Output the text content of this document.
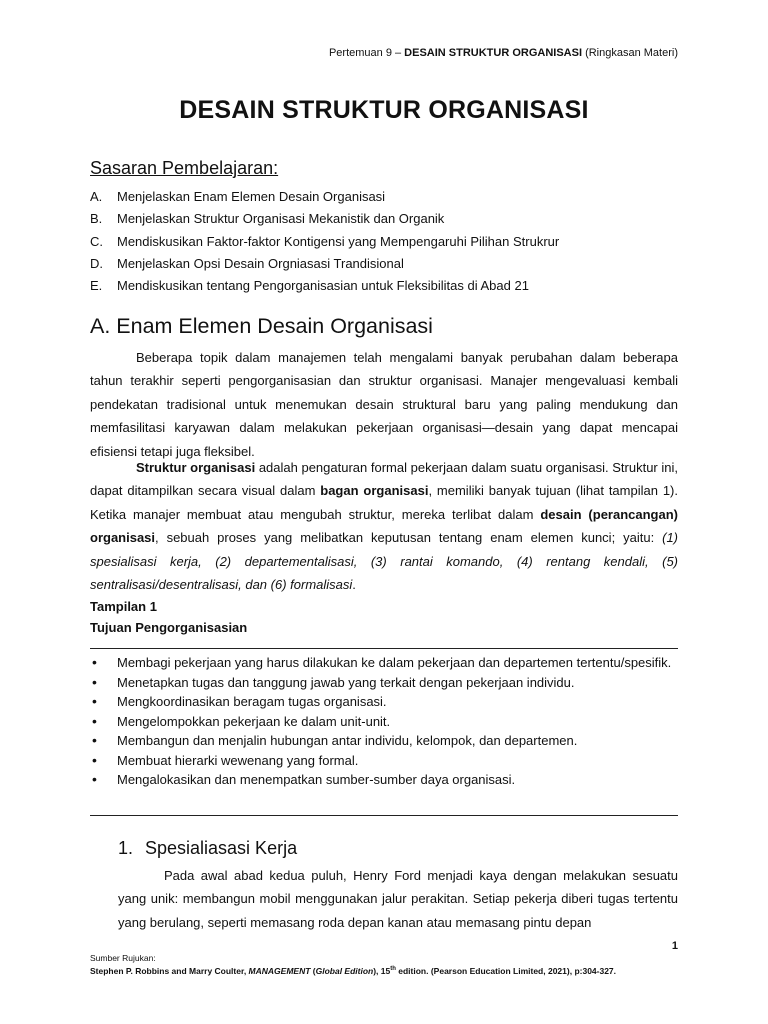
Pertemuan 9 – DESAIN STRUKTUR ORGANISASI (Ringkasan Materi)
DESAIN STRUKTUR ORGANISASI
Sasaran Pembelajaran:
A. Menjelaskan Enam Elemen Desain Organisasi
B. Menjelaskan Struktur Organisasi Mekanistik dan Organik
C. Mendiskusikan Faktor-faktor Kontigensi yang Mempengaruhi Pilihan Strukrur
D. Menjelaskan Opsi Desain Orgniasasi Trandisional
E. Mendiskusikan tentang Pengorganisasian untuk Fleksibilitas di Abad 21
A. Enam Elemen Desain Organisasi

Beberapa topik dalam manajemen telah mengalami banyak perubahan dalam beberapa tahun terakhir seperti pengorganisasian dan struktur organisasi. Manajer mengevaluasi kembali pendekatan tradisional untuk menemukan desain struktural baru yang paling mendukung dan memfasilitasi karyawan dalam melakukan pekerjaan organisasi—desain yang dapat mencapai efisiensi tetapi juga fleksibel.

Struktur organisasi adalah pengaturan formal pekerjaan dalam suatu organisasi. Struktur ini, dapat ditampilkan secara visual dalam bagan organisasi, memiliki banyak tujuan (lihat tampilan 1). Ketika manajer membuat atau mengubah struktur, mereka terlibat dalam desain (perancangan) organisasi, sebuah proses yang melibatkan keputusan tentang enam elemen kunci; yaitu: (1) spesialisasi kerja, (2) departementalisasi, (3) rantai komando, (4) rentang kendali, (5) sentralisasi/desentralisasi, dan (6) formalisasi.

Tampilan 1
Tujuan Pengorganisasian
• Membagi pekerjaan yang harus dilakukan ke dalam pekerjaan dan departemen tertentu/spesifik.
• Menetapkan tugas dan tanggung jawab yang terkait dengan pekerjaan individu.
• Mengkoordinasikan beragam tugas organisasi.
• Mengelompokkan pekerjaan ke dalam unit-unit.
• Membangun dan menjalin hubungan antar individu, kelompok, dan departemen.
• Membuat hierarki wewenang yang formal.
• Mengalokasikan dan menempatkan sumber-sumber daya organisasi.
1. Spesialiasasi Kerja

Pada awal abad kedua puluh, Henry Ford menjadi kaya dengan melakukan sesuatu yang unik: membangun mobil menggunakan jalur perakitan. Setiap pekerja diberi tugas tertentu yang berulang, seperti memasang roda depan kanan atau memasang pintu depan

1
Sumber Rujukan:
Stephen P. Robbins and Marry Coulter, MANAGEMENT (Global Edition), 15th edition. (Pearson Education Limited, 2021), p:304-327.
